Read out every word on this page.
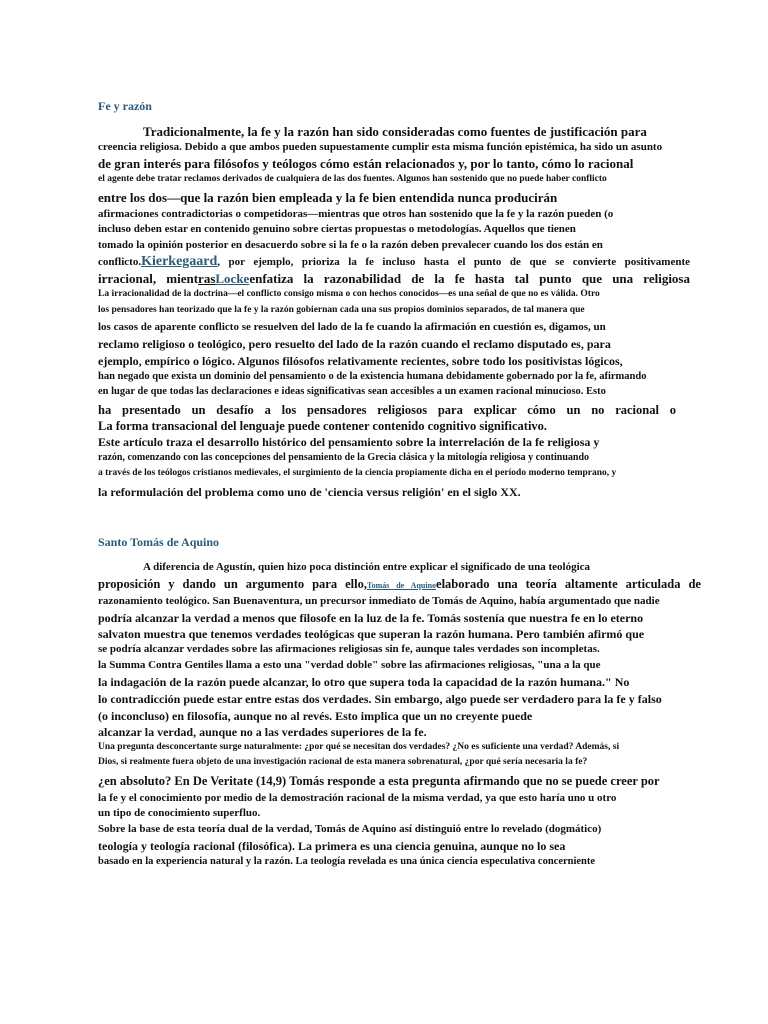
Fe y razón

Tradicionalmente, la fe y la razón han sido consideradas como fuentes de justificación para

creencia religiosa. Debido a que ambos pueden supuestamente cumplir esta misma función epistémica, ha sido un asunto

de gran interés para filósofos y teólogos cómo están relacionados y, por lo tanto, cómo lo racional

el agente debe tratar reclamos derivados de cualquiera de las dos fuentes. Algunos han sostenido que no puede haber conflicto

entre los dos—que la razón bien empleada y la fe bien entendida nunca producirán

afirmaciones contradictorias o competidoras—mientras que otros han sostenido que la fe y la razón pueden (o

incluso deben estar en contenido genuino sobre ciertas propuestas o metodologías. Aquellos que tienen

tomado la opinión posterior en desacuerdo sobre si la fe o la razón deben prevalecer cuando los dos están en

conflicto.Kierkegaard, por ejemplo, prioriza la fe incluso hasta el punto de que se convierte positivamente

irracional, mientrasLockeenfatiza la razonabilidad de la fe hasta tal punto que una religiosa

La irracionalidad de la doctrina—el conflicto consigo misma o con hechos conocidos—es una señal de que no es válida. Otro

los pensadores han teorizado que la fe y la razón gobiernan cada una sus propios dominios separados, de tal manera que

los casos de aparente conflicto se resuelven del lado de la fe cuando la afirmación en cuestión es, digamos, un

reclamo religioso o teológico, pero resuelto del lado de la razón cuando el reclamo disputado es, para

ejemplo, empírico o lógico. Algunos filósofos relativamente recientes, sobre todo los positivistas lógicos,

han negado que exista un dominio del pensamiento o de la existencia humana debidamente gobernado por la fe, afirmando

en lugar de que todas las declaraciones e ideas significativas sean accesibles a un examen racional minucioso. Esto

ha presentado un desafío a los pensadores religiosos para explicar cómo un no racional o

La forma transacional del lenguaje puede contener contenido cognitivo significativo.

Este artículo traza el desarrollo histórico del pensamiento sobre la interrelación de la fe religiosa y

razón, comenzando con las concepciones del pensamiento de la Grecia clásica y la mitología religiosa y continuando

a través de los teólogos cristianos medievales, el surgimiento de la ciencia propiamente dicha en el período moderno temprano, y

la reformulación del problema como uno de 'ciencia versus religión' en el siglo XX.

Santo Tomás de Aquino

A diferencia de Agustín, quien hizo poca distinción entre explicar el significado de una teológica

proposición y dando un argumento para ello,Tomás de Aquinoelaborado una teoría altamente articulada de

razonamiento teológico. San Buenaventura, un precursor inmediato de Tomás de Aquino, había argumentado que nadie

podría alcanzar la verdad a menos que filosofe en la luz de la fe. Tomás sostenía que nuestra fe en lo eterno

salvaton muestra que tenemos verdades teológicas que superan la razón humana. Pero también afirmó que

se podría alcanzar verdades sobre las afirmaciones religiosas sin fe, aunque tales verdades son incompletas.

la Summa Contra Gentiles llama a esto una "verdad doble" sobre las afirmaciones religiosas, "una a la que

la indagación de la razón puede alcanzar, lo otro que supera toda la capacidad de la razón humana." No

lo contradicción puede estar entre estas dos verdades. Sin embargo, algo puede ser verdadero para la fe y falso

(o inconcluso) en filosofía, aunque no al revés. Esto implica que un no creyente puede

alcanzar la verdad, aunque no a las verdades superiores de la fe.

Una pregunta desconcertante surge naturalmente: ¿por qué se necesitan dos verdades? ¿No es suficiente una verdad? Además, si

Dios, si realmente fuera objeto de una investigación racional de esta manera sobrenatural, ¿por qué sería necesaria la fe?

¿en absoluto? En De Veritate (14,9) Tomás responde a esta pregunta afirmando que no se puede creer por

la fe y el conocimiento por medio de la demostración racional de la misma verdad, ya que esto haría uno u otro

un tipo de conocimiento superfluo.

Sobre la base de esta teoría dual de la verdad, Tomás de Aquino así distinguió entre lo revelado (dogmático)

teología y teología racional (filosófica). La primera es una ciencia genuina, aunque no lo sea

basado en la experiencia natural y la razón. La teología revelada es una única ciencia especulativa concerniente
